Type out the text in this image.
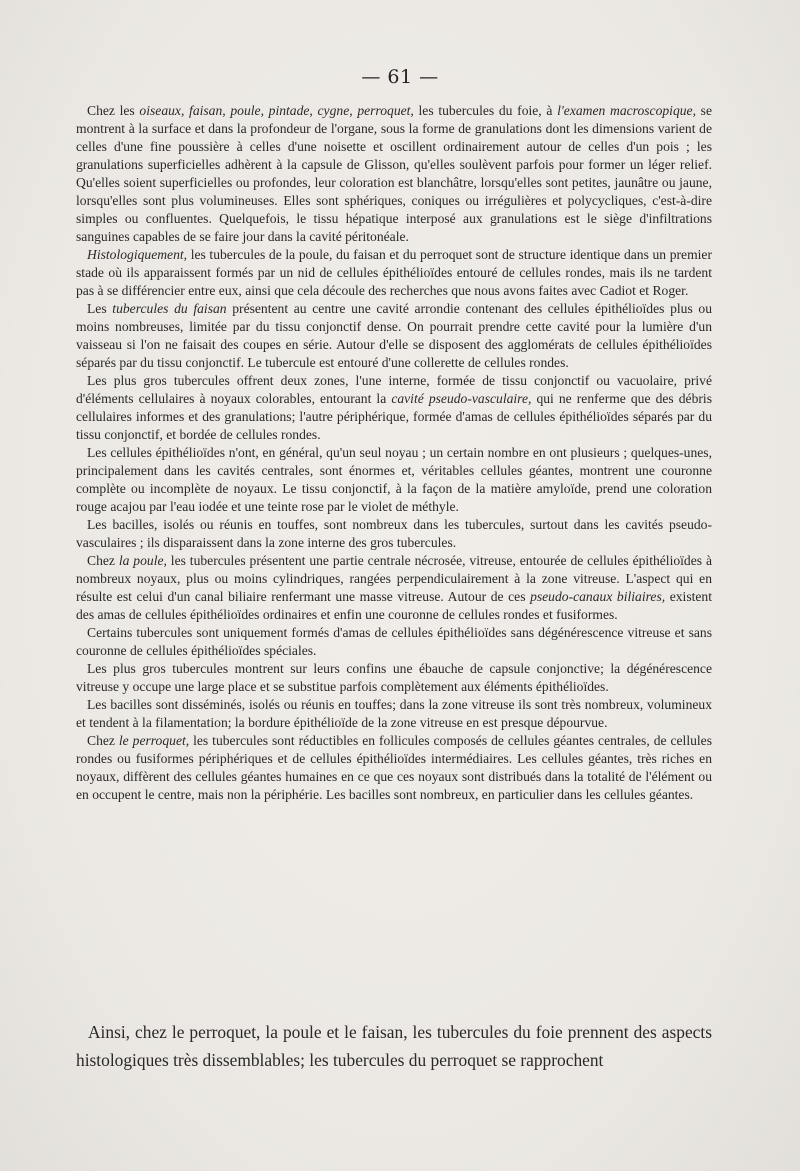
— 61 —

Chez les oiseaux, faisan, poule, pintade, cygne, perroquet, les tubercules du foie, à l'examen macroscopique, se montrent à la surface et dans la profondeur de l'organe, sous la forme de granulations dont les dimensions varient de celles d'une fine poussière à celles d'une noisette et oscillent ordinairement autour de celles d'un pois ; les granulations superficielles adhèrent à la capsule de Glisson, qu'elles soulèvent parfois pour former un léger relief. Qu'elles soient superficielles ou profondes, leur coloration est blanchâtre, lorsqu'elles sont petites, jaunâtre ou jaune, lorsqu'elles sont plus volumineuses. Elles sont sphériques, coniques ou irrégulières et polycycliques, c'est-à-dire simples ou confluentes. Quelquefois, le tissu hépatique interposé aux granulations est le siège d'infiltrations sanguines capables de se faire jour dans la cavité péritonéale.

Histologiquement, les tubercules de la poule, du faisan et du perroquet sont de structure identique dans un premier stade où ils apparaissent formés par un nid de cellules épithélioïdes entouré de cellules rondes, mais ils ne tardent pas à se différencier entre eux, ainsi que cela découle des recherches que nous avons faites avec Cadiot et Roger.

Les tubercules du faisan présentent au centre une cavité arrondie contenant des cellules épithélioïdes plus ou moins nombreuses, limitée par du tissu conjonctif dense. On pourrait prendre cette cavité pour la lumière d'un vaisseau si l'on ne faisait des coupes en série. Autour d'elle se disposent des agglomérats de cellules épithélioïdes séparés par du tissu conjonctif. Le tubercule est entouré d'une collerette de cellules rondes.

Les plus gros tubercules offrent deux zones, l'une interne, formée de tissu conjonctif ou vacuolaire, privé d'éléments cellulaires à noyaux colorables, entourant la cavité pseudo-vasculaire, qui ne renferme que des débris cellulaires informes et des granulations; l'autre périphérique, formée d'amas de cellules épithélioïdes séparés par du tissu conjonctif, et bordée de cellules rondes.

Les cellules épithélioïdes n'ont, en général, qu'un seul noyau ; un certain nombre en ont plusieurs ; quelques-unes, principalement dans les cavités centrales, sont énormes et, véritables cellules géantes, montrent une couronne complète ou incomplète de noyaux. Le tissu conjonctif, à la façon de la matière amyloïde, prend une coloration rouge acajou par l'eau iodée et une teinte rose par le violet de méthyle.

Les bacilles, isolés ou réunis en touffes, sont nombreux dans les tubercules, surtout dans les cavités pseudo-vasculaires ; ils disparaissent dans la zone interne des gros tubercules.

Chez la poule, les tubercules présentent une partie centrale nécrosée, vitreuse, entourée de cellules épithélioïdes à nombreux noyaux, plus ou moins cylindriques, rangées perpendiculairement à la zone vitreuse. L'aspect qui en résulte est celui d'un canal biliaire renfermant une masse vitreuse. Autour de ces pseudo-canaux biliaires, existent des amas de cellules épithélioïdes ordinaires et enfin une couronne de cellules rondes et fusiformes.

Certains tubercules sont uniquement formés d'amas de cellules épithélioïdes sans dégénérescence vitreuse et sans couronne de cellules épithélioïdes spéciales.

Les plus gros tubercules montrent sur leurs confins une ébauche de capsule conjonctive; la dégénérescence vitreuse y occupe une large place et se substitue parfois complètement aux éléments épithélioïdes.

Les bacilles sont disséminés, isolés ou réunis en touffes; dans la zone vitreuse ils sont très nombreux, volumineux et tendent à la filamentation; la bordure épithélioïde de la zone vitreuse en est presque dépourvue.

Chez le perroquet, les tubercules sont réductibles en follicules composés de cellules géantes centrales, de cellules rondes ou fusiformes périphériques et de cellules épithélioïdes intermédiaires. Les cellules géantes, très riches en noyaux, diffèrent des cellules géantes humaines en ce que ces noyaux sont distribués dans la totalité de l'élément ou en occupent le centre, mais non la périphérie. Les bacilles sont nombreux, en particulier dans les cellules géantes.

Ainsi, chez le perroquet, la poule et le faisan, les tubercules du foie prennent des aspects histologiques très dissemblables; les tubercules du perroquet se rapprochent
